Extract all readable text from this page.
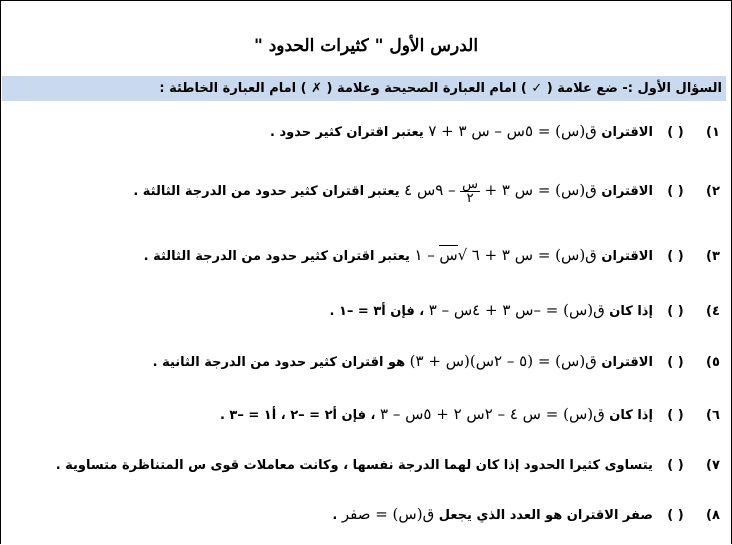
الدرس الأول " كثيرات الحدود "
السؤال الأول :- ضع علامة ( ✓ ) امام العبارة الصحيحة وعلامة ( ✗ ) امام العبارة الخاطئة :
١) ( ) الاقتران ق(س) = ٥س – س ٣ + ٧ يعتبر اقتران كثير حدود .
٢) ( ) الاقتران ق(س) = س ٣ +
$\frac{\text{س}}{٢}$
– ٩س ٤ يعتبر اقتران كثير حدود من الدرجة الثالثة .
٣) ( ) الاقتران ق(س) = س ٣ + ٦ √س – ١ يعتبر اقتران كثير حدود من الدرجة الثالثة .
٤) ( ) إذا كان ق(س) = –س ٣ + ٤س – ٣ ، فإن أ٣ = –١ .
٥) ( ) الاقتران ق(س) = (٥ – ٢س)(س + ٣) هو اقتران كثير حدود من الدرجة الثانية .
٦) ( ) إذا كان ق(س) = س ٤ – ٢س ٢ + ٥س – ٣ ، فإن أ٢ = –٢ ، أ١ = –٣ .
٧) ( ) يتساوى كثيرا الحدود إذا كان لهما الدرجة نفسها ، وكانت معاملات قوى س المتناظرة متساوية .
٨) ( ) صفر الاقتران هو العدد الذي يجعل ق(س) = صفر .
